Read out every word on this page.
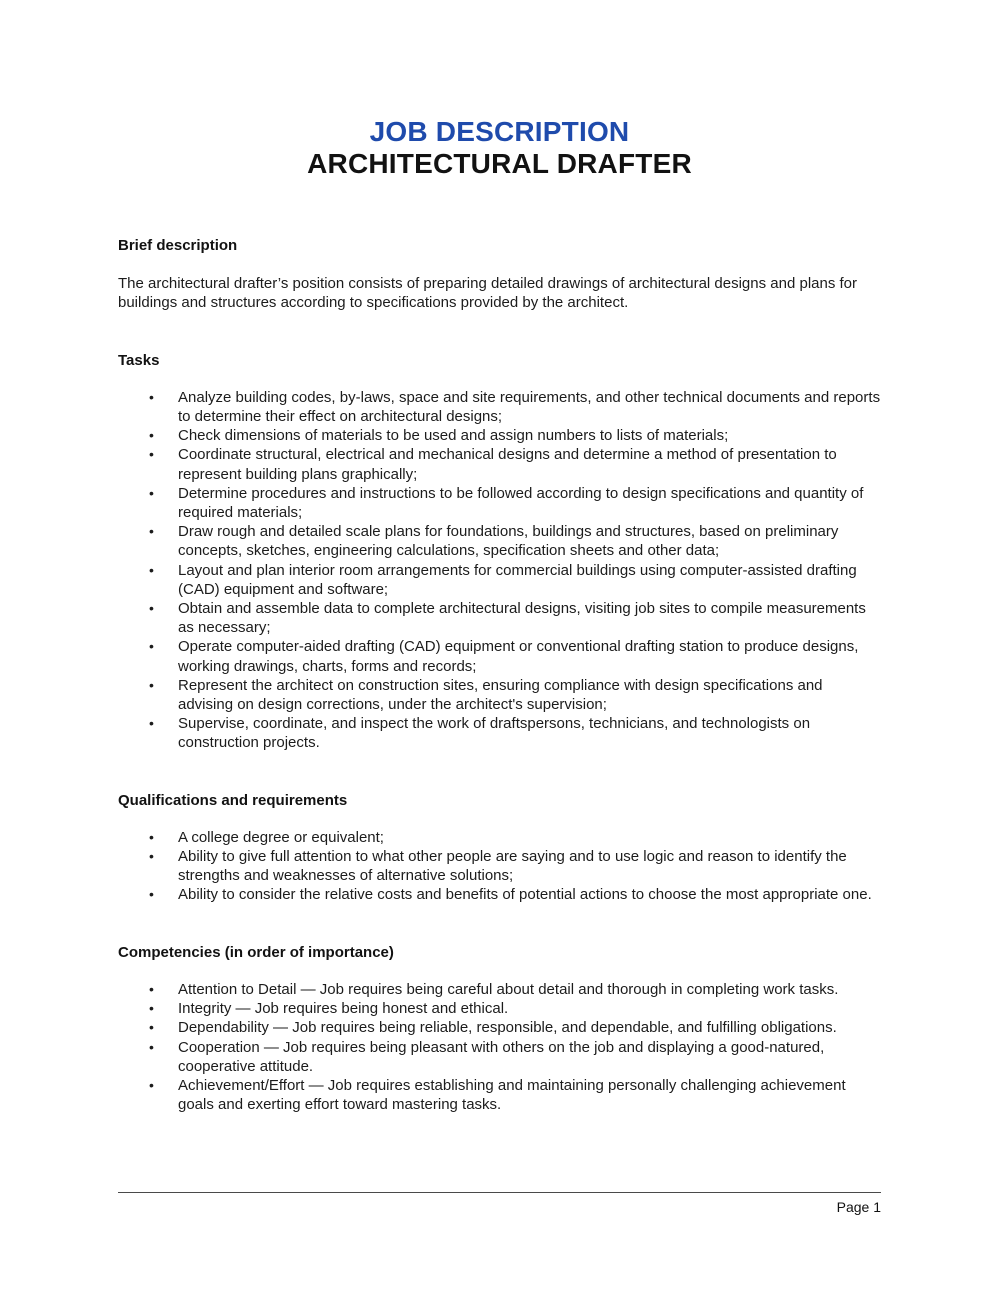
JOB DESCRIPTION
ARCHITECTURAL DRAFTER
Brief description

The architectural drafter’s position consists of preparing detailed drawings of architectural designs and plans for buildings and structures according to specifications provided by the architect.

Tasks
• Analyze building codes, by-laws, space and site requirements, and other technical documents and reports to determine their effect on architectural designs;
• Check dimensions of materials to be used and assign numbers to lists of materials;
• Coordinate structural, electrical and mechanical designs and determine a method of presentation to represent building plans graphically;
• Determine procedures and instructions to be followed according to design specifications and quantity of required materials;
• Draw rough and detailed scale plans for foundations, buildings and structures, based on preliminary concepts, sketches, engineering calculations, specification sheets and other data;
• Layout and plan interior room arrangements for commercial buildings using computer-assisted drafting (CAD) equipment and software;
• Obtain and assemble data to complete architectural designs, visiting job sites to compile measurements as necessary;
• Operate computer-aided drafting (CAD) equipment or conventional drafting station to produce designs, working drawings, charts, forms and records;
• Represent the architect on construction sites, ensuring compliance with design specifications and advising on design corrections, under the architect's supervision;
• Supervise, coordinate, and inspect the work of draftspersons, technicians, and technologists on construction projects.
Qualifications and requirements
• A college degree or equivalent;
• Ability to give full attention to what other people are saying and to use logic and reason to identify the strengths and weaknesses of alternative solutions;
• Ability to consider the relative costs and benefits of potential actions to choose the most appropriate one.
Competencies (in order of importance)
• Attention to Detail — Job requires being careful about detail and thorough in completing work tasks.
• Integrity — Job requires being honest and ethical.
• Dependability — Job requires being reliable, responsible, and dependable, and fulfilling obligations.
• Cooperation — Job requires being pleasant with others on the job and displaying a good-natured, cooperative attitude.
• Achievement/Effort — Job requires establishing and maintaining personally challenging achievement goals and exerting effort toward mastering tasks.
Page 1
